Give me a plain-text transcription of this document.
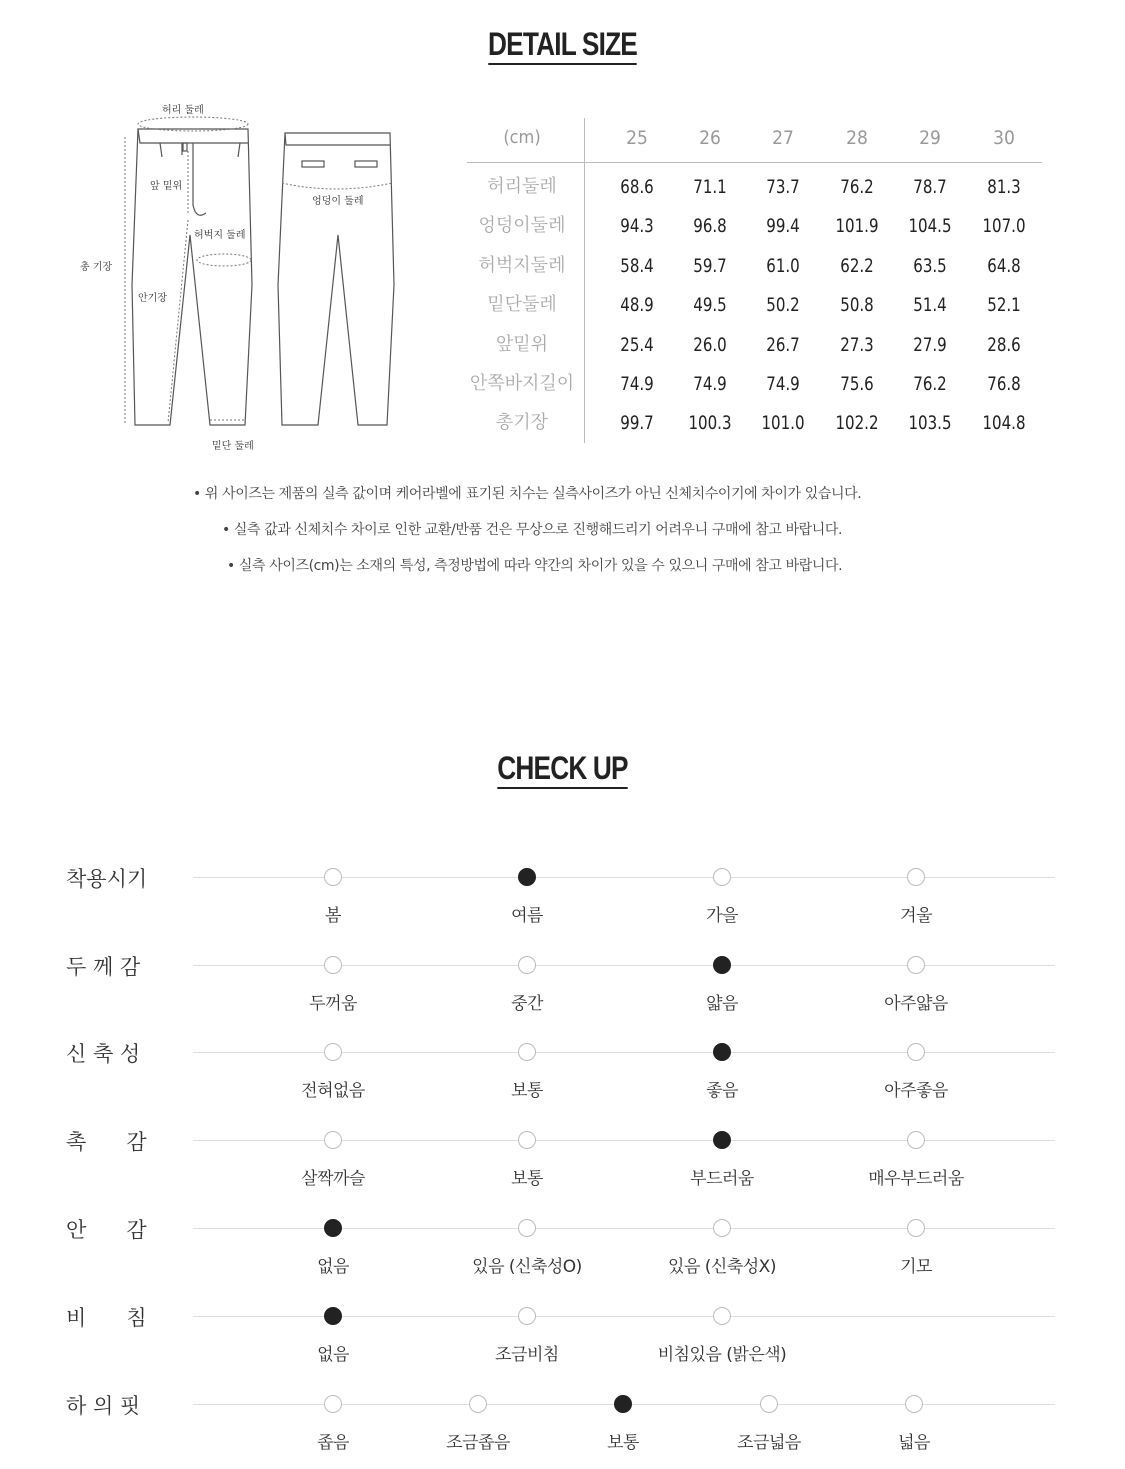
DETAIL SIZE
허리 둘레
앞 밑위
허벅지 둘레
총 기장
안기장
밑단 둘레
엉덩이 둘레
(cm)	25	26	27	28	29	30
허리둘레	68.6	71.1	73.7	76.2	78.7	81.3
엉덩이둘레	94.3	96.8	99.4	101.9	104.5	107.0
허벅지둘레	58.4	59.7	61.0	62.2	63.5	64.8
밑단둘레	48.9	49.5	50.2	50.8	51.4	52.1
앞밑위	25.4	26.0	26.7	27.3	27.9	28.6
안쪽바지길이	74.9	74.9	74.9	75.6	76.2	76.8
총기장	99.7	100.3	101.0	102.2	103.5	104.8
• 위 사이즈는 제품의 실측 값이며 케어라벨에 표기된 치수는 실측사이즈가 아닌 신체치수이기에 차이가 있습니다.
• 실측 값과 신체치수 차이로 인한 교환/반품 건은 무상으로 진행해드리기 어려우니 구매에 참고 바랍니다.
• 실측 사이즈(cm)는 소재의 특성, 측정방법에 따라 약간의 차이가 있을 수 있으니 구매에 참고 바랍니다.
CHECK UP
착용시기
봄	여름	가을	겨울
두 께 감
두꺼움	중간	얇음	아주얇음
신 축 성
전혀없음	보통	좋음	아주좋음
촉      감
살짝까슬	보통	부드러움	매우부드러움
안      감
없음	있음 (신축성O)	있음 (신축성X)	기모
비      침
없음	조금비침	비침있음 (밝은색)
하 의 핏
좁음	조금좁음	보통	조금넓음	넓음
